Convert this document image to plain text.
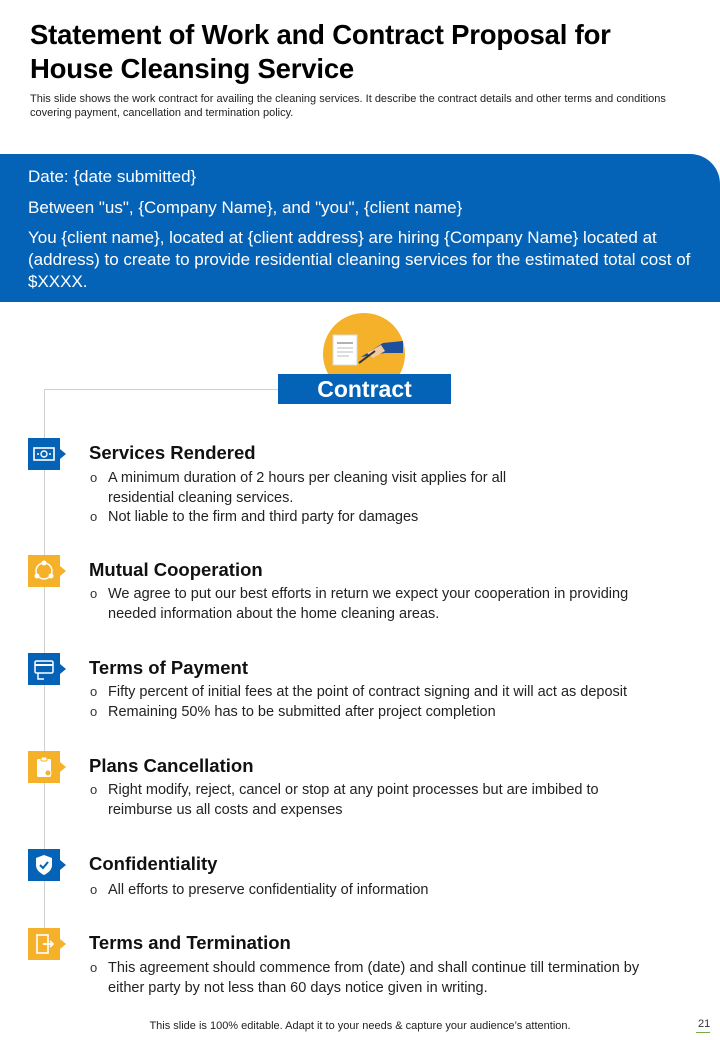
Statement of Work and Contract Proposal for House Cleansing Service
This slide shows the work contract for availing the cleaning services. It describe the contract details and other terms and conditions covering payment, cancellation and termination policy.

Date: {date submitted}

Between "us", {Company Name}, and "you", {client name}

You {client name}, located at {client address} are hiring {Company Name} located at (address) to create to provide residential cleaning services for the estimated total cost of $XXXX.

Contract
Services Rendered
o A minimum duration of 2 hours per cleaning visit applies for all residential cleaning services.
o Not liable to the firm and third party for damages
Mutual Cooperation
o We agree to put our best efforts in return we expect your cooperation in providing needed information about the home cleaning areas.
Terms of Payment
o Fifty percent of initial fees at the point of contract signing and it will act as deposit
o Remaining 50% has to be submitted after project completion
Plans Cancellation
o Right modify, reject, cancel or stop at any point processes but are imbibed to reimburse us all costs and expenses
Confidentiality
o All efforts to preserve confidentiality of information
Terms and Termination
o This agreement should commence from (date) and shall continue till termination by either party by not less than 60 days notice given in writing.
This slide is 100% editable. Adapt it to your needs & capture your audience’s attention.	21
